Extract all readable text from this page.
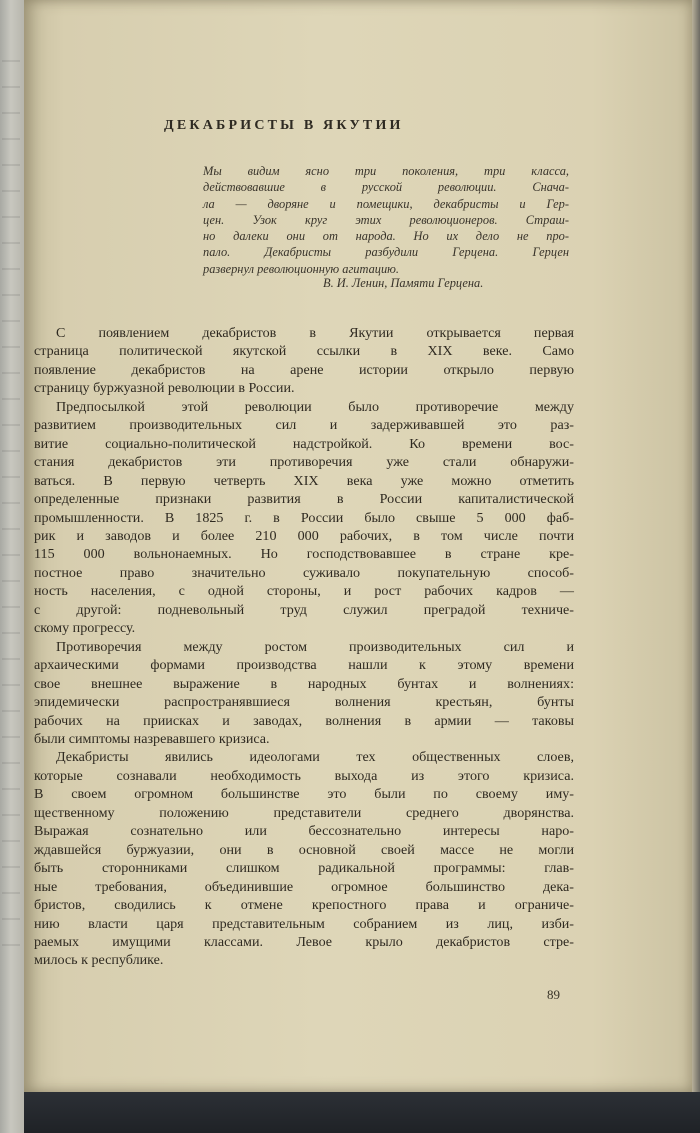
ДЕКАБРИСТЫ В ЯКУТИИ
Мы видим ясно три поколения, три класса,
действовавшие в русской революции. Снача-
ла — дворяне и помещики, декабристы и Гер-
цен. Узок круг этих революционеров. Страш-
но далеки они от народа. Но их дело не про-
пало. Декабристы разбудили Герцена. Герцен
развернул революционную агитацию.
В. И. Ленин, Памяти Герцена.
С появлением декабристов в Якутии открывается первая
страница политической якутской ссылки в XIX веке. Само
появление декабристов на арене истории открыло первую
страницу буржуазной революции в России.
Предпосылкой этой революции было противоречие между
развитием производительных сил и задерживавшей это раз-
витие социально-политической надстройкой. Ко времени вос-
стания декабристов эти противоречия уже стали обнаружи-
ваться. В первую четверть XIX века уже можно отметить
определенные признаки развития в России капиталистической
промышленности. В 1825 г. в России было свыше 5 000 фаб-
рик и заводов и более 210 000 рабочих, в том числе почти
115 000 вольнонаемных. Но господствовавшее в стране кре-
постное право значительно суживало покупательную способ-
ность населения, с одной стороны, и рост рабочих кадров —
с другой: подневольный труд служил преградой техниче-
скому прогрессу.
Противоречия между ростом производительных сил и
архаическими формами производства нашли к этому времени
свое внешнее выражение в народных бунтах и волнениях:
эпидемически распространявшиеся волнения крестьян, бунты
рабочих на приисках и заводах, волнения в армии — таковы
были симптомы назревавшего кризиса.
Декабристы явились идеологами тех общественных слоев,
которые сознавали необходимость выхода из этого кризиса.
В своем огромном большинстве это были по своему иму-
щественному положению представители среднего дворянства.
Выражая сознательно или бессознательно интересы наро-
ждавшейся буржуазии, они в основной своей массе не могли
быть сторонниками слишком радикальной программы: глав-
ные требования, объединившие огромное большинство дека-
бристов, сводились к отмене крепостного права и ограниче-
нию власти царя представительным собранием из лиц, изби-
раемых имущими классами. Левое крыло декабристов стре-
милось к республике.
89
